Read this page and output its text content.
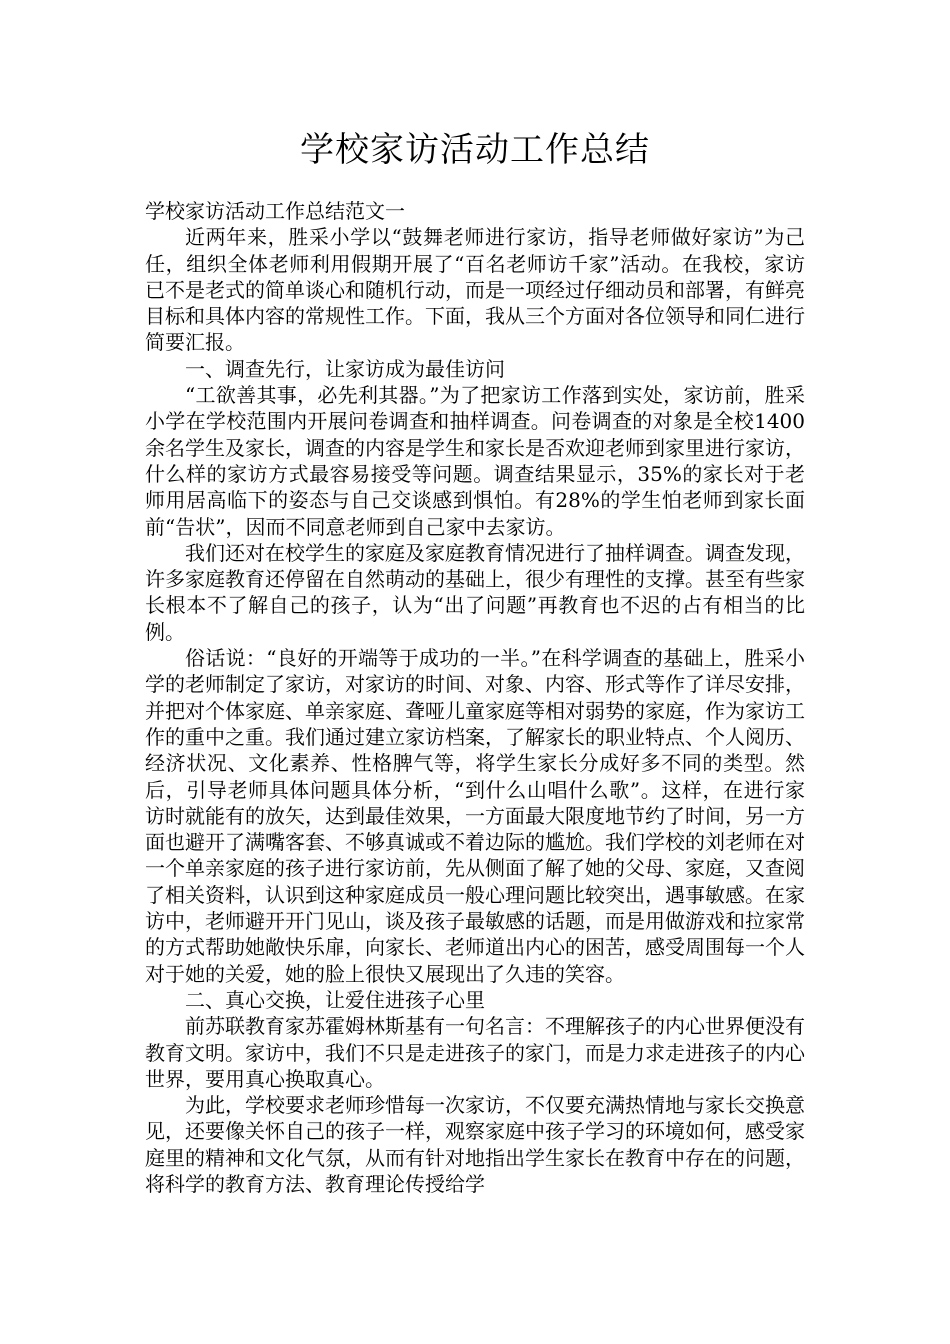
学校家访活动工作总结

学校家访活动工作总结范文一

近两年来，胜采小学以“鼓舞老师进行家访，指导老师做好家访”为己任，组织全体老师利用假期开展了“百名老师访千家”活动。在我校，家访已不是老式的简单谈心和随机行动，而是一项经过仔细动员和部署，有鲜亮目标和具体内容的常规性工作。下面，我从三个方面对各位领导和同仁进行简要汇报。

一、调查先行，让家访成为最佳访问

“工欲善其事，必先利其器。”为了把家访工作落到实处，家访前，胜采小学在学校范围内开展问卷调查和抽样调查。问卷调查的对象是全校1400余名学生及家长，调查的内容是学生和家长是否欢迎老师到家里进行家访，什么样的家访方式最容易接受等问题。调查结果显示，35%的家长对于老师用居高临下的姿态与自己交谈感到惧怕。有28%的学生怕老师到家长面前“告状”，因而不同意老师到自己家中去家访。

我们还对在校学生的家庭及家庭教育情况进行了抽样调查。调查发现，许多家庭教育还停留在自然萌动的基础上，很少有理性的支撑。甚至有些家长根本不了解自己的孩子，认为“出了问题”再教育也不迟的占有相当的比例。

俗话说：“良好的开端等于成功的一半。”在科学调查的基础上，胜采小学的老师制定了家访，对家访的时间、对象、内容、形式等作了详尽安排，并把对个体家庭、单亲家庭、聋哑儿童家庭等相对弱势的家庭，作为家访工作的重中之重。我们通过建立家访档案，了解家长的职业特点、个人阅历、经济状况、文化素养、性格脾气等，将学生家长分成好多不同的类型。然后，引导老师具体问题具体分析，“到什么山唱什么歌”。这样，在进行家访时就能有的放矢，达到最佳效果，一方面最大限度地节约了时间，另一方面也避开了满嘴客套、不够真诚或不着边际的尴尬。我们学校的刘老师在对一个单亲家庭的孩子进行家访前，先从侧面了解了她的父母、家庭，又查阅了相关资料，认识到这种家庭成员一般心理问题比较突出，遇事敏感。在家访中，老师避开开门见山，谈及孩子最敏感的话题，而是用做游戏和拉家常的方式帮助她敞快乐扉，向家长、老师道出内心的困苦，感受周围每一个人对于她的关爱，她的脸上很快又展现出了久违的笑容。

二、真心交换，让爱住进孩子心里

前苏联教育家苏霍姆林斯基有一句名言：不理解孩子的内心世界便没有教育文明。家访中，我们不只是走进孩子的家门，而是力求走进孩子的内心世界，要用真心换取真心。

为此，学校要求老师珍惜每一次家访，不仅要充满热情地与家长交换意见，还要像关怀自己的孩子一样，观察家庭中孩子学习的环境如何，感受家庭里的精神和文化气氛，从而有针对地指出学生家长在教育中存在的问题，将科学的教育方法、教育理论传授给学
